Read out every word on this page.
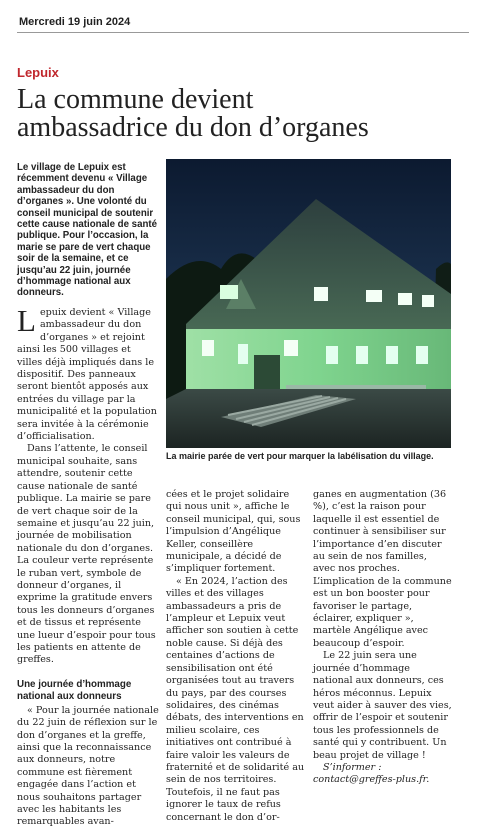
Mercredi 19 juin 2024
Lepuix
La commune devient
ambassadrice du don d’organes
Le village de Lepuix est récemment devenu « Village ambassadeur du don d’organes ». Une volonté du conseil municipal de soutenir cette cause nationale de santé publique. Pour l’occasion, la marie se pare de vert chaque soir de la semaine, et ce jusqu’au 22 juin, journée d’hommage national aux donneurs.

Lepuix devient « Village ambassadeur du don d’organes » et rejoint ainsi les 500 villages et villes déjà impliqués dans le dispositif. Des panneaux seront bientôt apposés aux entrées du village par la municipalité et la population sera invitée à la cérémonie d’officialisation.

Dans l’attente, le conseil municipal souhaite, sans attendre, soutenir cette cause nationale de santé publique. La mairie se pare de vert chaque soir de la semaine et jusqu’au 22 juin, journée de mobilisation nationale du don d’organes. La couleur verte représente le ruban vert, symbole de donneur d’organes, il exprime la gratitude envers tous les donneurs d’organes et de tissus et représente une lueur d’espoir pour tous les patients en attente de greffes.

Une journée d’hommage national aux donneurs

« Pour la journée nationale du 22 juin de réflexion sur le don d’organes et la greffe, ainsi que la reconnaissance aux donneurs, notre commune est fièrement engagée dans l’action et nous souhaitons partager avec les habitants les remarquables avan-

La mairie parée de vert pour marquer la labélisation du village.

cées et le projet solidaire qui nous unit », affiche le conseil municipal, qui, sous l’impulsion d’Angélique Keller, conseillère municipale, a décidé de s’impliquer fortement.

« En 2024, l’action des villes et des villages ambassadeurs a pris de l’ampleur et Lepuix veut afficher son soutien à cette noble cause. Si déjà des centaines d’actions de sensibilisation ont été organisées tout au travers du pays, par des courses solidaires, des cinémas débats, des interventions en milieu scolaire, ces initiatives ont contribué à faire valoir les valeurs de fraternité et de solidarité au sein de nos territoires. Toutefois, il ne faut pas ignorer le taux de refus concernant le don d’or-

ganes en augmentation (36 %), c’est la raison pour laquelle il est essentiel de continuer à sensibiliser sur l’importance d’en discuter au sein de nos familles, avec nos proches. L’implication de la commune est un bon booster pour favoriser le partage, éclairer, expliquer », martèle Angélique avec beaucoup d’espoir.

Le 22 juin sera une journée d’hommage national aux donneurs, ces héros méconnus. Lepuix veut aider à sauver des vies, offrir de l’espoir et soutenir tous les professionnels de santé qui y contribuent. Un beau projet de village !

S’informer : contact@greffes-plus.fr.
